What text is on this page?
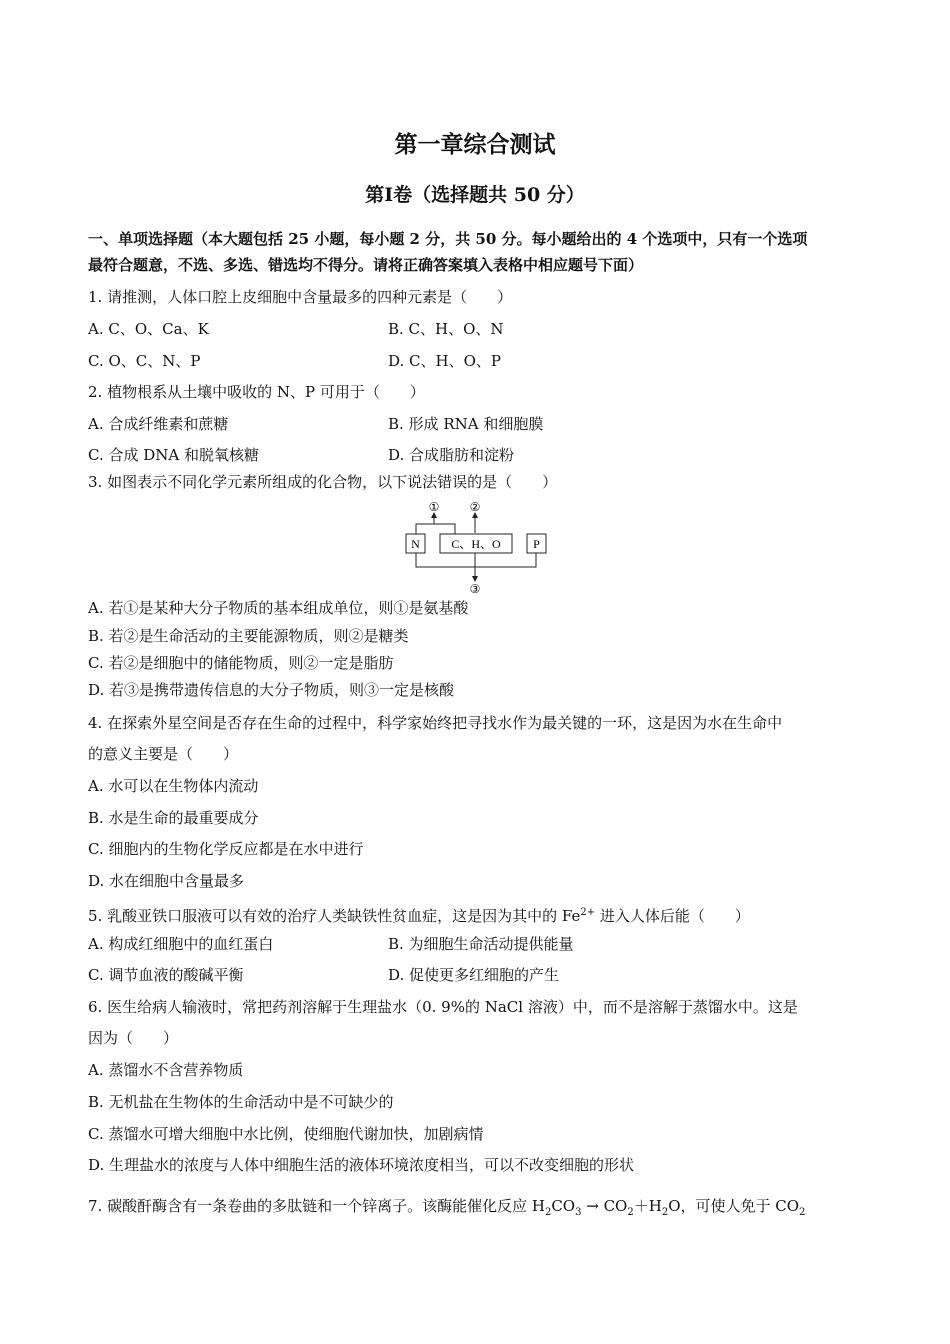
第一章综合测试
第Ⅰ卷（选择题共 50 分）
一、单项选择题（本大题包括 25 小题，每小题 2 分，共 50 分。每小题给出的 4 个选项中，只有一个选项
最符合题意，不选、多选、错选均不得分。请将正确答案填入表格中相应题号下面）
1. 请推测，人体口腔上皮细胞中含量最多的四种元素是（　　）
A. C、O、Ca、K	B. C、H、O、N
C. O、C、N、P	D. C、H、O、P
2. 植物根系从土壤中吸收的 N、P 可用于（　　）
A. 合成纤维素和蔗糖	B. 形成 RNA 和细胞膜
C. 合成 DNA 和脱氧核糖	D. 合成脂肪和淀粉
3. 如图表示不同化学元素所组成的化合物，以下说法错误的是（　　）
①	②
N	C、H、O	P
③
A. 若①是某种大分子物质的基本组成单位，则①是氨基酸
B. 若②是生命活动的主要能源物质，则②是糖类
C. 若②是细胞中的储能物质，则②一定是脂肪
D. 若③是携带遗传信息的大分子物质，则③一定是核酸
4. 在探索外星空间是否存在生命的过程中，科学家始终把寻找水作为最关键的一环，这是因为水在生命中
的意义主要是（　　）
A. 水可以在生物体内流动
B. 水是生命的最重要成分
C. 细胞内的生物化学反应都是在水中进行
D. 水在细胞中含量最多
5. 乳酸亚铁口服液可以有效的治疗人类缺铁性贫血症，这是因为其中的 $Fe^{2+}$ 进入人体后能（　　）
A. 构成红细胞中的血红蛋白	B. 为细胞生命活动提供能量
C. 调节血液的酸碱平衡	D. 促使更多红细胞的产生
6. 医生给病人输液时，常把药剂溶解于生理盐水（0. 9%的 NaCl 溶液）中，而不是溶解于蒸馏水中。这是
因为（　　）
A. 蒸馏水不含营养物质
B. 无机盐在生物体的生命活动中是不可缺少的
C. 蒸馏水可增大细胞中水比例，使细胞代谢加快，加剧病情
D. 生理盐水的浓度与人体中细胞生活的液体环境浓度相当，可以不改变细胞的形状
7. 碳酸酐酶含有一条卷曲的多肽链和一个锌离子。该酶能催化反应 $H_2CO_3 \to CO_2+H_2O$，可使人免于 $CO_2$
